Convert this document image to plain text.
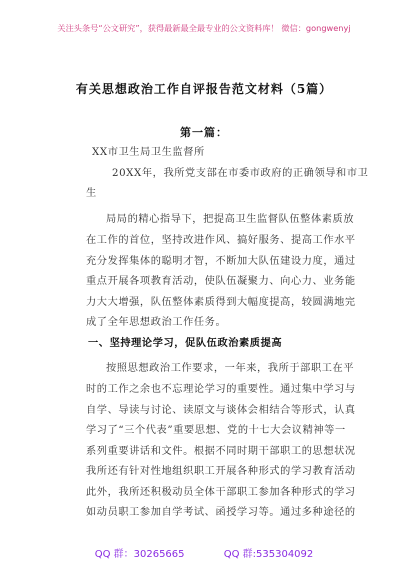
关注头条号“公文研究”，获得最新最全最专业的公文资料库！ 微信：gongwenyj
有关思想政治工作自评报告范文材料（5篇）
第一篇：
XX市卫生局卫生监督所
20XX年，我所党支部在市委市政府的正确领导和市卫
生
局局的精心指导下，把提高卫生监督队伍整体素质放
在工作的首位，坚持改进作风、搞好服务、提高工作水平
充分发挥集体的聪明才智，不断加大队伍建设力度，通过
重点开展各项教育活动，使队伍凝聚力、向心力、业务能
力大大增强，队伍整体素质得到大幅度提高，较圆满地完
成了全年思想政治工作任务。
一、坚持理论学习，促队伍政治素质提高
按照思想政治工作要求，一年来，我所于部职工在平
时的工作之余也不忘理论学习的重要性。通过集中学习与
自学、导读与讨论、读原文与谈体会相结合等形式，认真
学习了“三个代表”重要思想、党的十七大会议精神等一
系列重要讲话和文件。根据不同时期干部职工的思想状况
我所还有针对性地组织职工开展各种形式的学习教育活动
此外，我所还积极动员全体干部职工参加各种形式的学习
如动员职工参加自学考试、函授学习等。通过多种途径的
QQ 群：30265665	QQ 群:535304092
